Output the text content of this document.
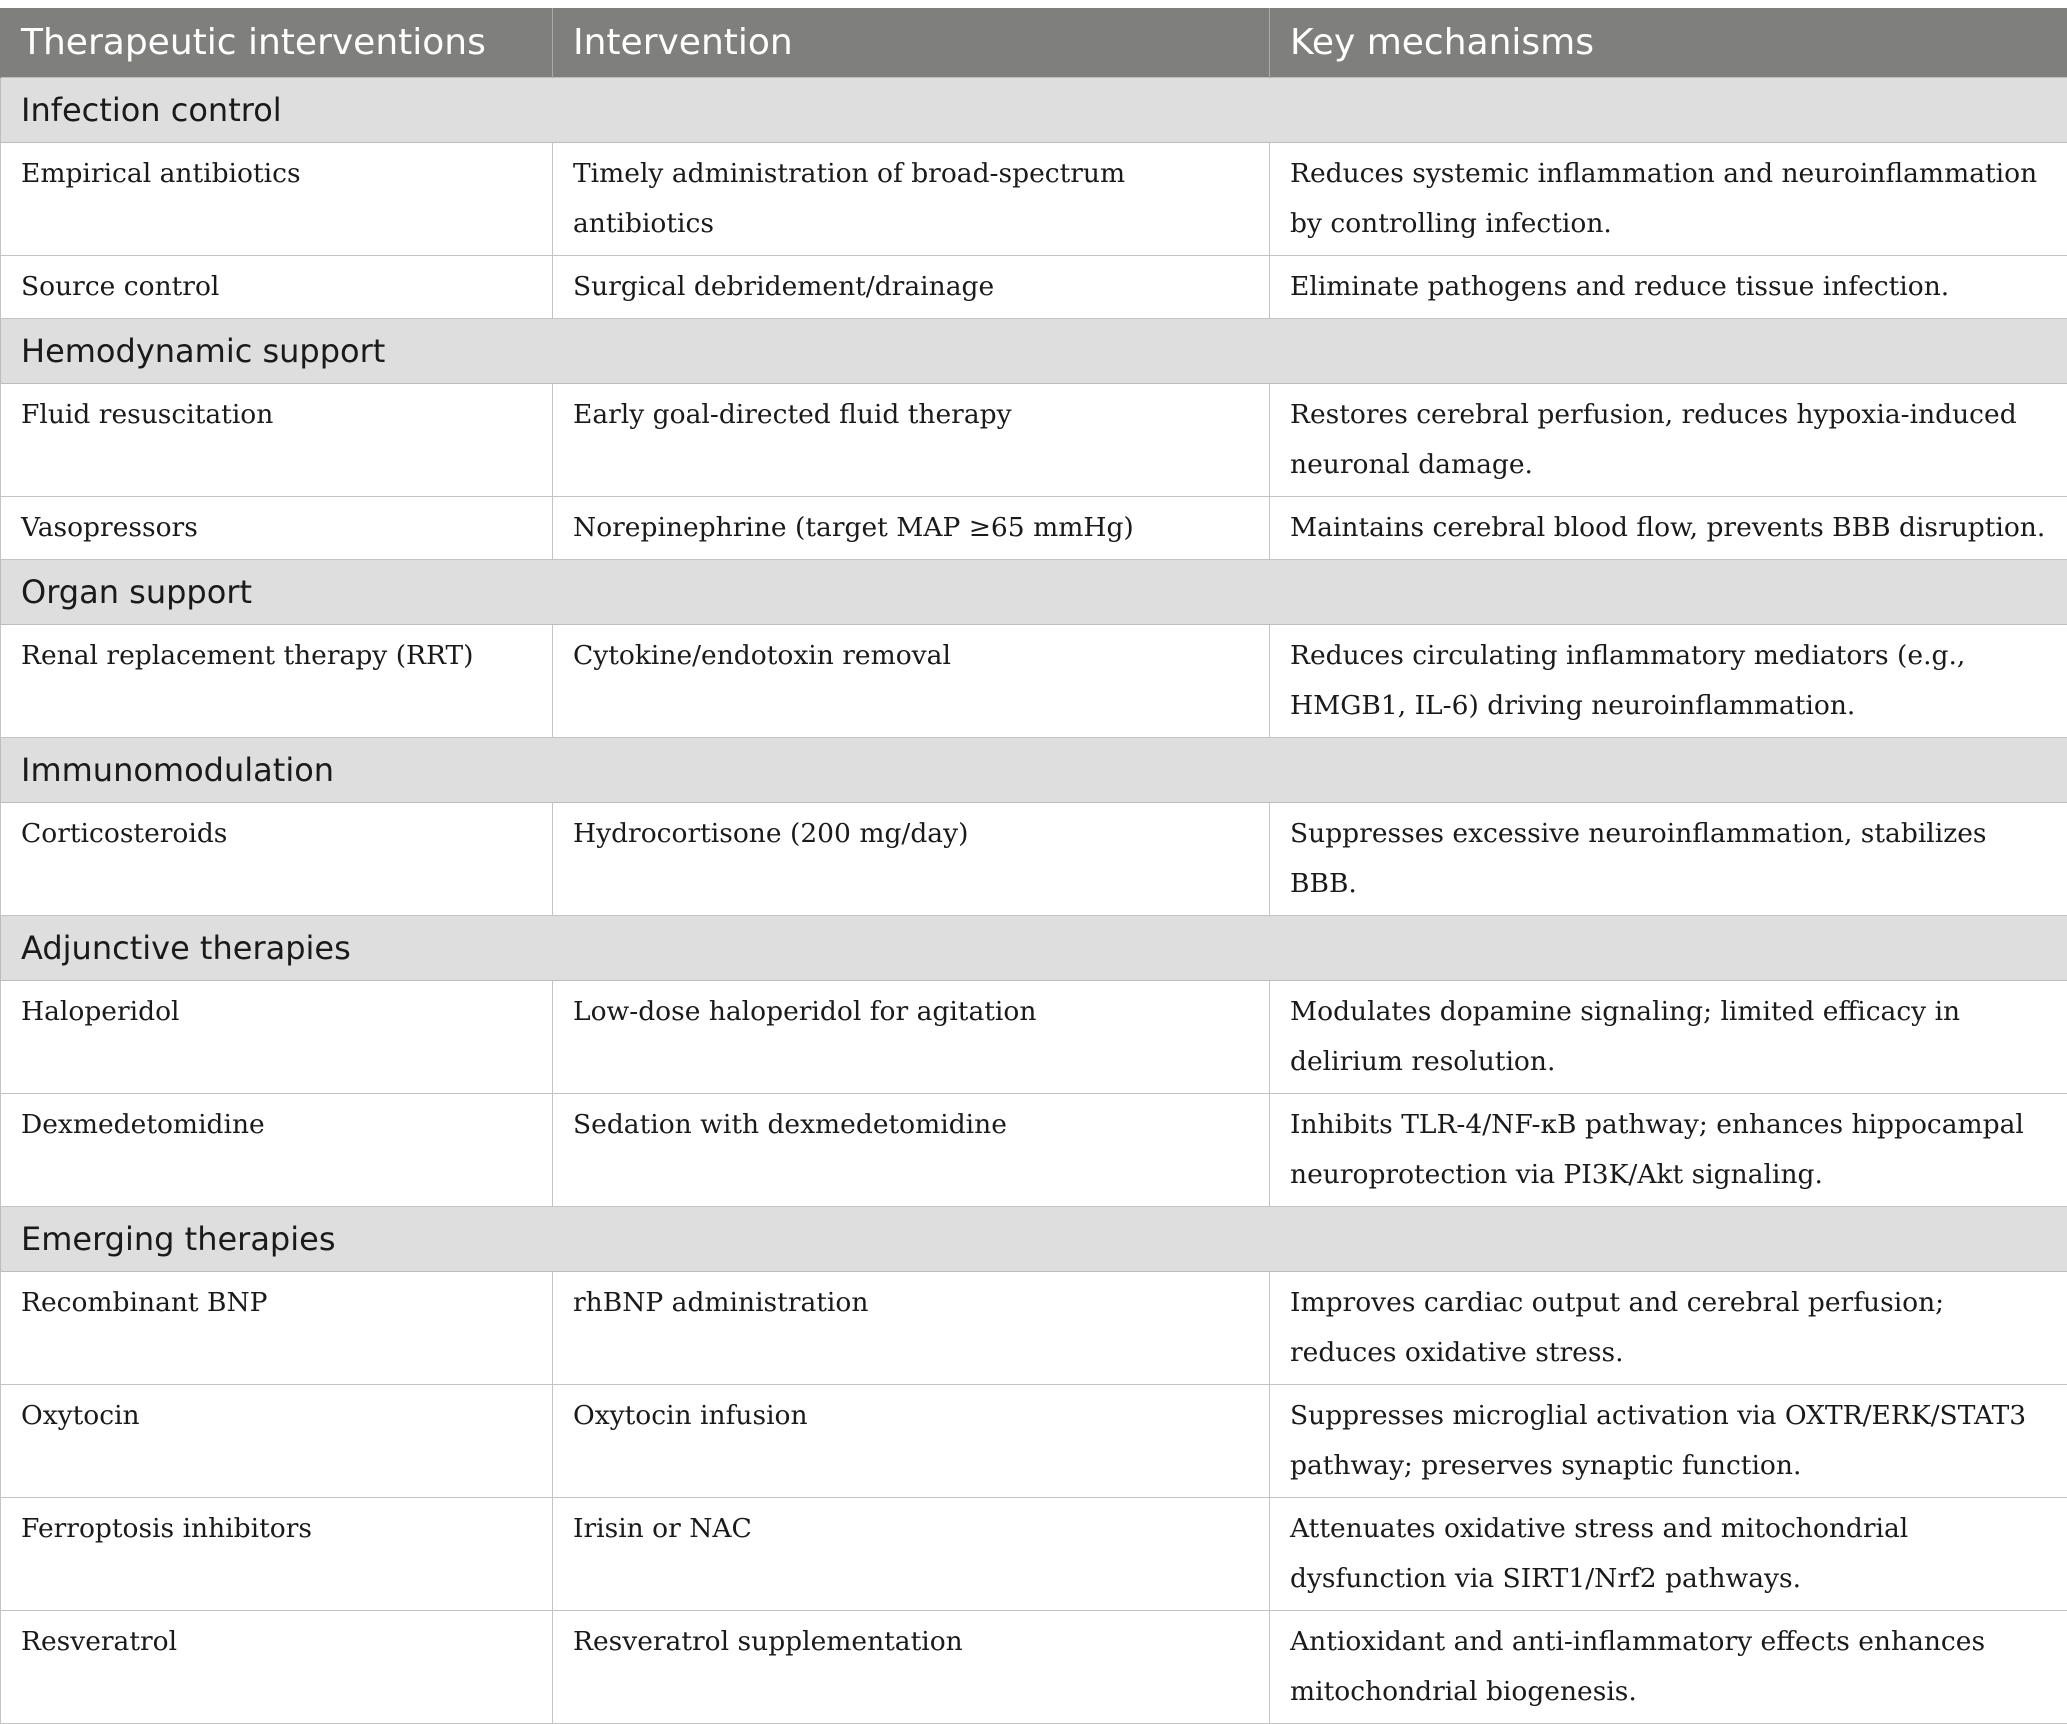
Therapeutic interventions	Intervention	Key mechanisms
Infection control		
Empirical antibiotics	Timely administration of broad-spectrum antibiotics	Reduces systemic inflammation and neuroinflammation by controlling infection.
Source control	Surgical debridement/drainage	Eliminate pathogens and reduce tissue infection.
Hemodynamic support		
Fluid resuscitation	Early goal-directed fluid therapy	Restores cerebral perfusion, reduces hypoxia-induced neuronal damage.
Vasopressors	Norepinephrine (target MAP ≥65 mmHg)	Maintains cerebral blood flow, prevents BBB disruption.
Organ support		
Renal replacement therapy (RRT)	Cytokine/endotoxin removal	Reduces circulating inflammatory mediators (e.g., HMGB1, IL-6) driving neuroinflammation.
Immunomodulation		
Corticosteroids	Hydrocortisone (200 mg/day)	Suppresses excessive neuroinflammation, stabilizes BBB.
Adjunctive therapies		
Haloperidol	Low-dose haloperidol for agitation	Modulates dopamine signaling; limited efficacy in delirium resolution.
Dexmedetomidine	Sedation with dexmedetomidine	Inhibits TLR-4/NF-κB pathway; enhances hippocampal neuroprotection via PI3K/Akt signaling.
Emerging therapies		
Recombinant BNP	rhBNP administration	Improves cardiac output and cerebral perfusion; reduces oxidative stress.
Oxytocin	Oxytocin infusion	Suppresses microglial activation via OXTR/ERK/STAT3 pathway; preserves synaptic function.
Ferroptosis inhibitors	Irisin or NAC	Attenuates oxidative stress and mitochondrial dysfunction via SIRT1/Nrf2 pathways.
Resveratrol	Resveratrol supplementation	Antioxidant and anti-inflammatory effects enhances mitochondrial biogenesis.
